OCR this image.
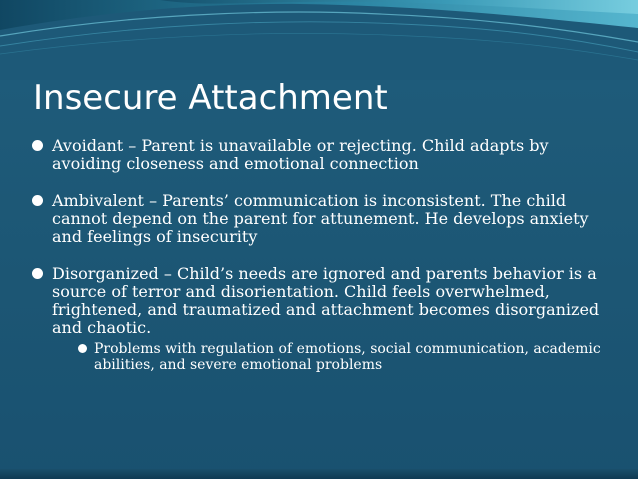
Insecure Attachment
Avoidant – Parent is unavailable or rejecting. Child adapts by avoiding closeness and emotional connection
Ambivalent – Parents’ communication is inconsistent. The child cannot depend on the parent for attunement. He develops anxiety and feelings of insecurity
Disorganized – Child’s needs are ignored and parents behavior is a source of terror and disorientation. Child feels overwhelmed, frightened, and traumatized and attachment becomes disorganized and chaotic.
Problems with regulation of emotions, social communication, academic abilities, and severe emotional problems
